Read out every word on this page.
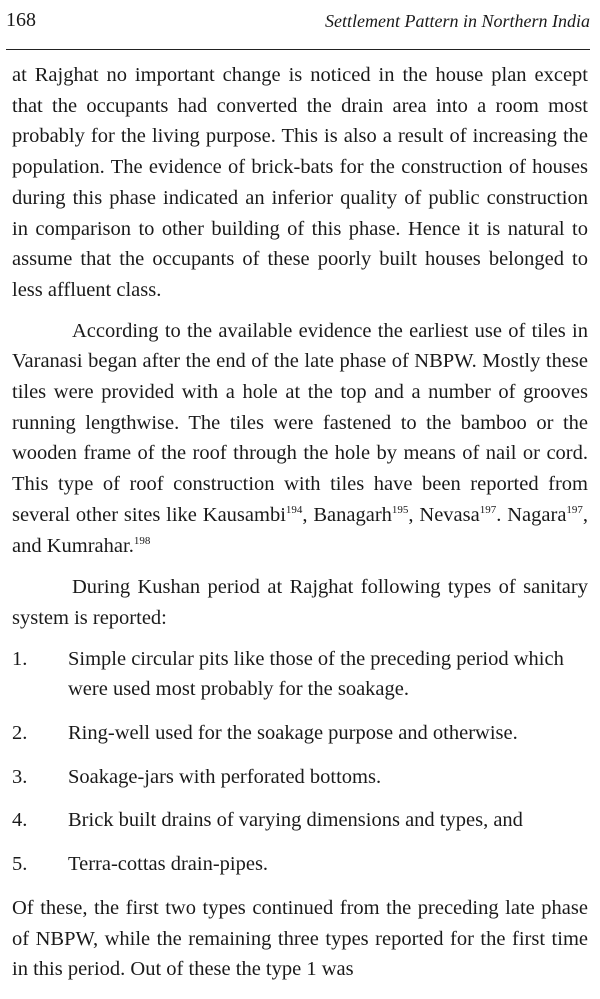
168	Settlement Pattern in Northern India

at Rajghat no important change is noticed in the house plan except that the occupants had converted the drain area into a room most probably for the living purpose. This is also a result of increasing the population. The evidence of brick-bats for the construction of houses during this phase indicated an inferior quality of public construction in comparison to other building of this phase. Hence it is natural to assume that the occupants of these poorly built houses belonged to less affluent class.

According to the available evidence the earliest use of tiles in Varanasi began after the end of the late phase of NBPW. Mostly these tiles were provided with a hole at the top and a number of grooves running lengthwise. The tiles were fastened to the bamboo or the wooden frame of the roof through the hole by means of nail or cord. This type of roof construction with tiles have been reported from several other sites like Kausambi$^{194}$, Banagarh$^{195}$, Nevasa$^{197}$. Nagara$^{197}$, and Kumrahar.$^{198}$

During Kushan period at Rajghat following types of sanitary system is reported:

1. Simple circular pits like those of the preceding period which were used most probably for the soakage.
2. Ring-well used for the soakage purpose and otherwise.
3. Soakage-jars with perforated bottoms.
4. Brick built drains of varying dimensions and types, and
5. Terra-cottas drain-pipes.

Of these, the first two types continued from the preceding late phase of NBPW, while the remaining three types reported for the first time in this period. Out of these the type 1 was
